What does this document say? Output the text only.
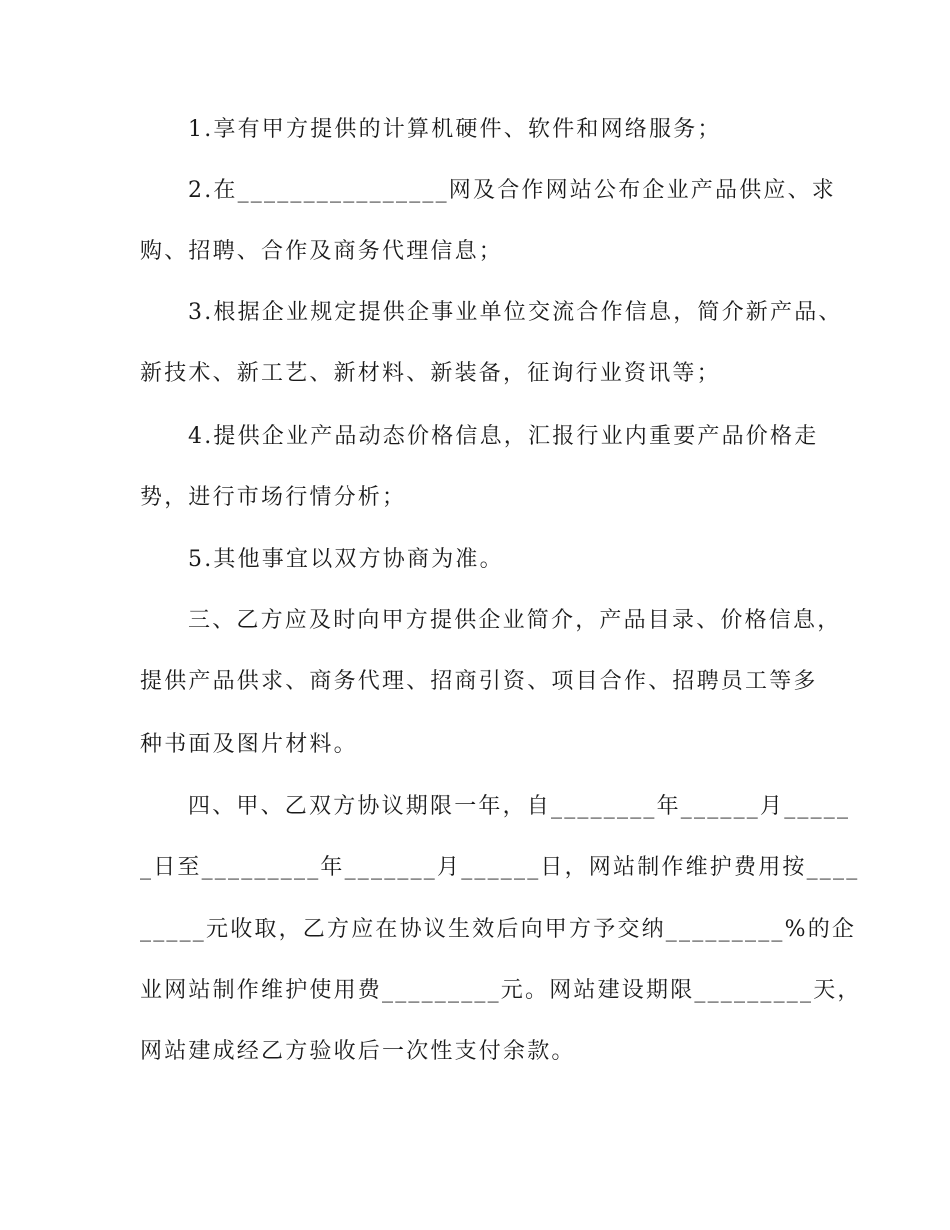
1.享有甲方提供的计算机硬件、软件和网络服务；
2.在________________网及合作网站公布企业产品供应、求
购、招聘、合作及商务代理信息；
3.根据企业规定提供企事业单位交流合作信息，简介新产品、
新技术、新工艺、新材料、新装备，征询行业资讯等；
4.提供企业产品动态价格信息，汇报行业内重要产品价格走
势，进行市场行情分析；
5.其他事宜以双方协商为准。
三、乙方应及时向甲方提供企业简介，产品目录、价格信息，
提供产品供求、商务代理、招商引资、项目合作、招聘员工等多
种书面及图片材料。
四、甲、乙双方协议期限一年，自________年______月_____
_日至_________年_______月______日，网站制作维护费用按____
_____元收取，乙方应在协议生效后向甲方予交纳_________%的企
业网站制作维护使用费_________元。网站建设期限_________天，
网站建成经乙方验收后一次性支付余款。
